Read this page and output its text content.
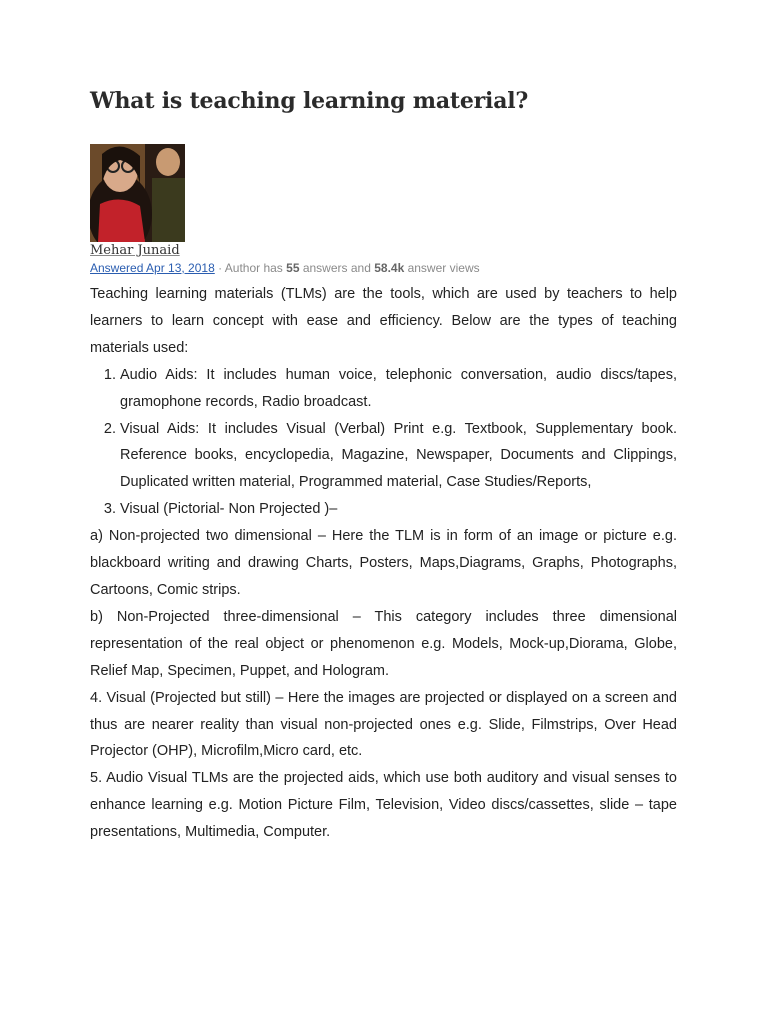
What is teaching learning material?
Mehar Junaid
Answered Apr 13, 2018 · Author has 55 answers and 58.4k answer views

Teaching learning materials (TLMs) are the tools, which are used by teachers to help learners to learn concept with ease and efficiency. Below are the types of teaching materials used:

1. Audio Aids: It includes human voice, telephonic conversation, audio discs/tapes, gramophone records, Radio broadcast.
2. Visual Aids: It includes Visual (Verbal) Print e.g. Textbook, Supplementary book. Reference books, encyclopedia, Magazine, Newspaper, Documents and Clippings, Duplicated written material, Programmed material, Case Studies/Reports,
3. Visual (Pictorial- Non Projected )–

a) Non-projected two dimensional – Here the TLM is in form of an image or picture e.g. blackboard writing and drawing Charts, Posters, Maps,Diagrams, Graphs, Photographs, Cartoons, Comic strips.

b) Non-Projected three-dimensional – This category includes three dimensional representation of the real object or phenomenon e.g. Models, Mock-up,Diorama, Globe, Relief Map, Specimen, Puppet, and Hologram.

4. Visual (Projected but still) – Here the images are projected or displayed on a screen and thus are nearer reality than visual non-projected ones e.g. Slide, Filmstrips, Over Head Projector (OHP), Microfilm,Micro card, etc.

5. Audio Visual TLMs are the projected aids, which use both auditory and visual senses to enhance learning e.g. Motion Picture Film, Television, Video discs/cassettes, slide – tape presentations, Multimedia, Computer.
